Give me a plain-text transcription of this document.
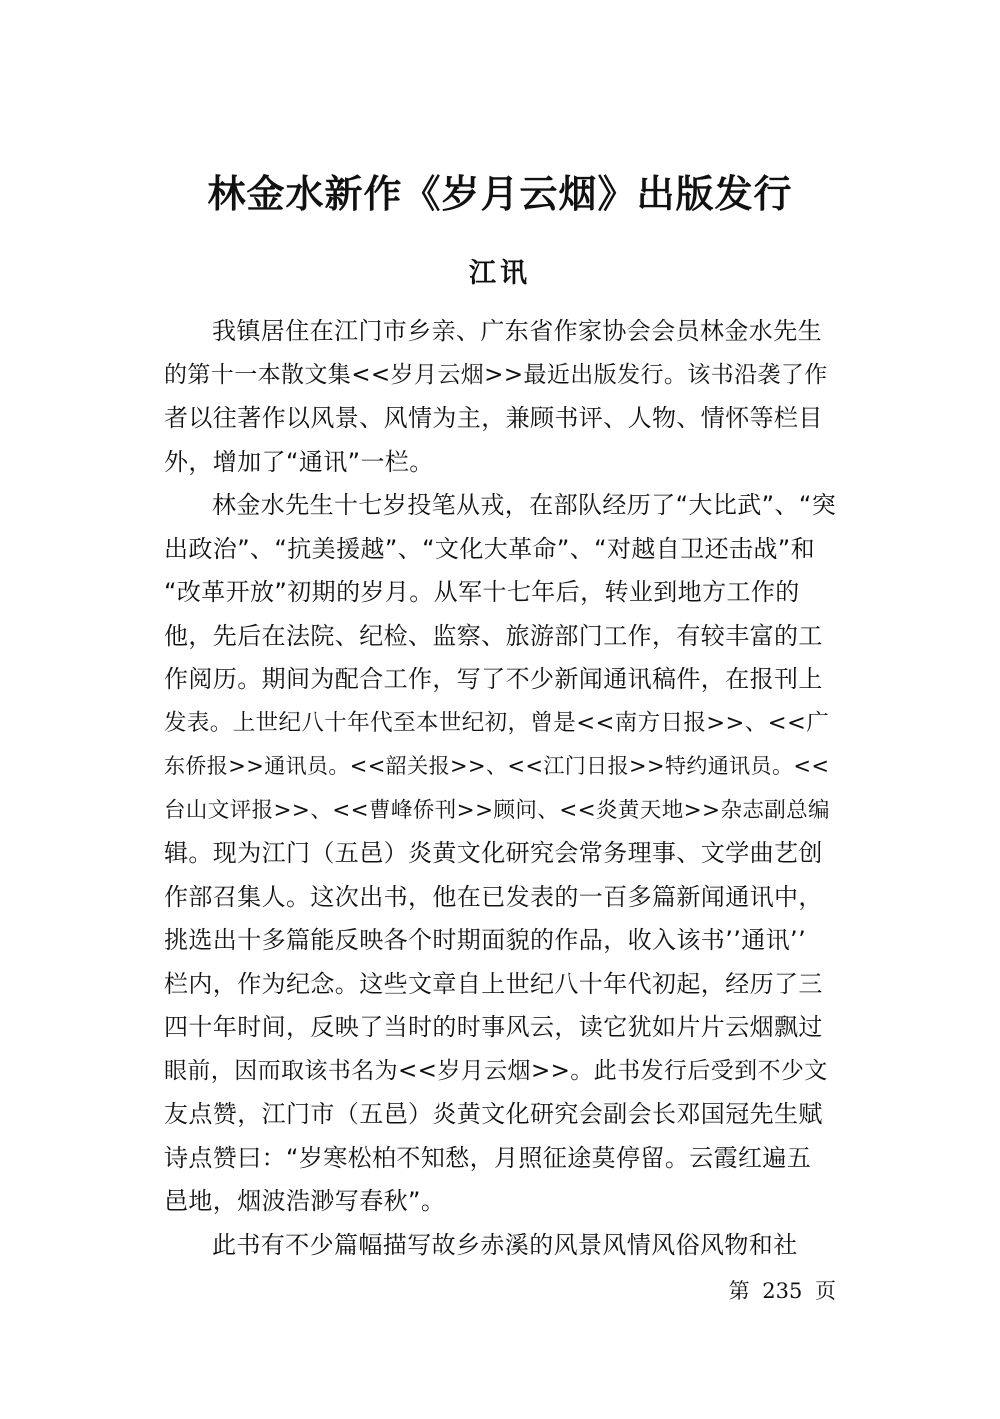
林金水新作《岁月云烟》出版发行
江讯
我镇居住在江门市乡亲、广东省作家协会会员林金水先生
的第十一本散文集<<岁月云烟>>最近出版发行。该书沿袭了作
者以往著作以风景、风情为主，兼顾书评、人物、情怀等栏目
外，增加了“通讯”一栏。
林金水先生十七岁投笔从戎，在部队经历了“大比武”、“突
出政治”、“抗美援越”、“文化大革命”、“对越自卫还击战”和
“改革开放”初期的岁月。从军十七年后，转业到地方工作的
他，先后在法院、纪检、监察、旅游部门工作，有较丰富的工
作阅历。期间为配合工作，写了不少新闻通讯稿件，在报刊上
发表。上世纪八十年代至本世纪初，曾是<<南方日报>>、<<广
东侨报>>通讯员。<<韶关报>>、<<江门日报>>特约通讯员。<<
台山文评报>>、<<曹峰侨刊>>顾问、<<炎黄天地>>杂志副总编
辑。现为江门（五邑）炎黄文化研究会常务理事、文学曲艺创
作部召集人。这次出书，他在已发表的一百多篇新闻通讯中，
挑选出十多篇能反映各个时期面貌的作品，收入该书’’通讯’’
栏内，作为纪念。这些文章自上世纪八十年代初起，经历了三
四十年时间，反映了当时的时事风云，读它犹如片片云烟飘过
眼前，因而取该书名为<<岁月云烟>>。此书发行后受到不少文
友点赞，江门市（五邑）炎黄文化研究会副会长邓国冠先生赋
诗点赞曰：“岁寒松柏不知愁，月照征途莫停留。云霞红遍五
邑地，烟波浩渺写春秋”。
此书有不少篇幅描写故乡赤溪的风景风情风俗风物和社
第 235 页
